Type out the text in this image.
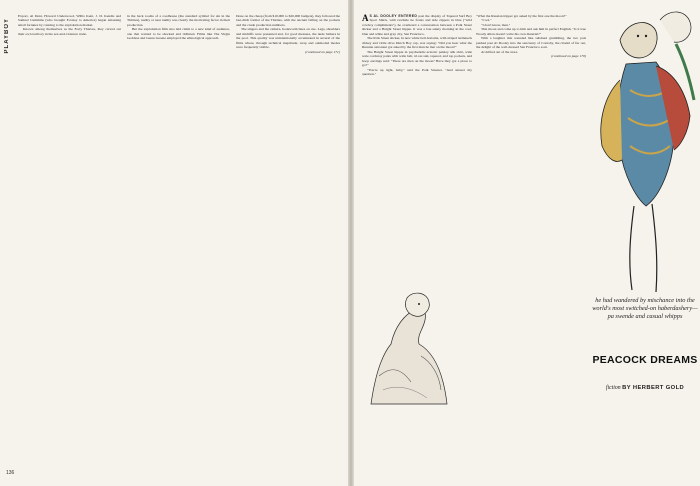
PLAYBOY

Export, Al Dent, Howard Underwood, Willis Kent, J. D. Kendis and Samuel Cummins (who brought Ecstasy to America) began amassing small fortunes by catering to the exploitation market.

Known among themselves as the Forty Thieves, they carved out their own territory in the sex-and-violence trade.

in the back rooms of a roadhouse (the standard symbol for sin in the Thirties), nudity or near nudity was clearly the motivating factor in their production.

But the exploitation film also laid claim to a new kind of audience, one that wanted to be shocked and titillated. Films like The Virgin Goddess and Guess Greene employed the ethnological approach.

Done on the cheap (from $10,000 to $20,000 budgets), they followed the last-ditch format of the Thirties, with the ancient falling on the pockets and the crude production numbers.

The singers and the camera, hookworm lines on cue. Legs, shoulders and midriffs were presented and, for good measure, the nude bathers in the pool. This quality was unintentionally accentuated in several of the films where, through technical ineptitude, wrap and outmoded modes were frequently visible.

(continued on page 171)

136

A S AL DOOLEY ENTERED past the display of Tapered Surf Boy Sport Shirts, with rawhide tie fronts and side zippers in blue ("wild cowboy compliments"), he overheard a conversation between a Polk Street slicker and a Haight Street hippie. It was a late sunny morning in the cool, blue and white and gray city, San Francisco.

The Polk Street slicker, in new white bell-bottoms, with striped turtleneck dickey and virile olive Dutch Boy cap, was saying: "Did you hear what the Russian astronaut got asked by the first man he met on the moon?"

The Haight Street hippie in psychedelic-ecstatic paisley silk shirt, wide wale corduroy pants with wide belt, tri-tas suit, tapered, and top pockets, and hoop earrings said: "There are men on the moon? Have they got a place to go?"

"You're up tight, baby," said the Polk Streeter. "And answer my question."

"What the Russian tripper got asked by the first one the moon?"

"Cool."

"I don't know, man."

This moon and come up to him and ask him in perfect English, "Is it true Woody Allen doesn't write his own material?"

With a laughter that sounded like subdued grumbling, the two pals pushed past Al Dooley into the sanctuary of Cornsby, the citadel of fur out, the delight of the well-dressed San Francisco soul.

Al drifted out of the store.

(continued on page 170)

he had wandered by mischance into the world's most switched-on haberdashery—pa swende and casual whipps
PEACOCK DREAMS
fiction BY HERBERT GOLD
